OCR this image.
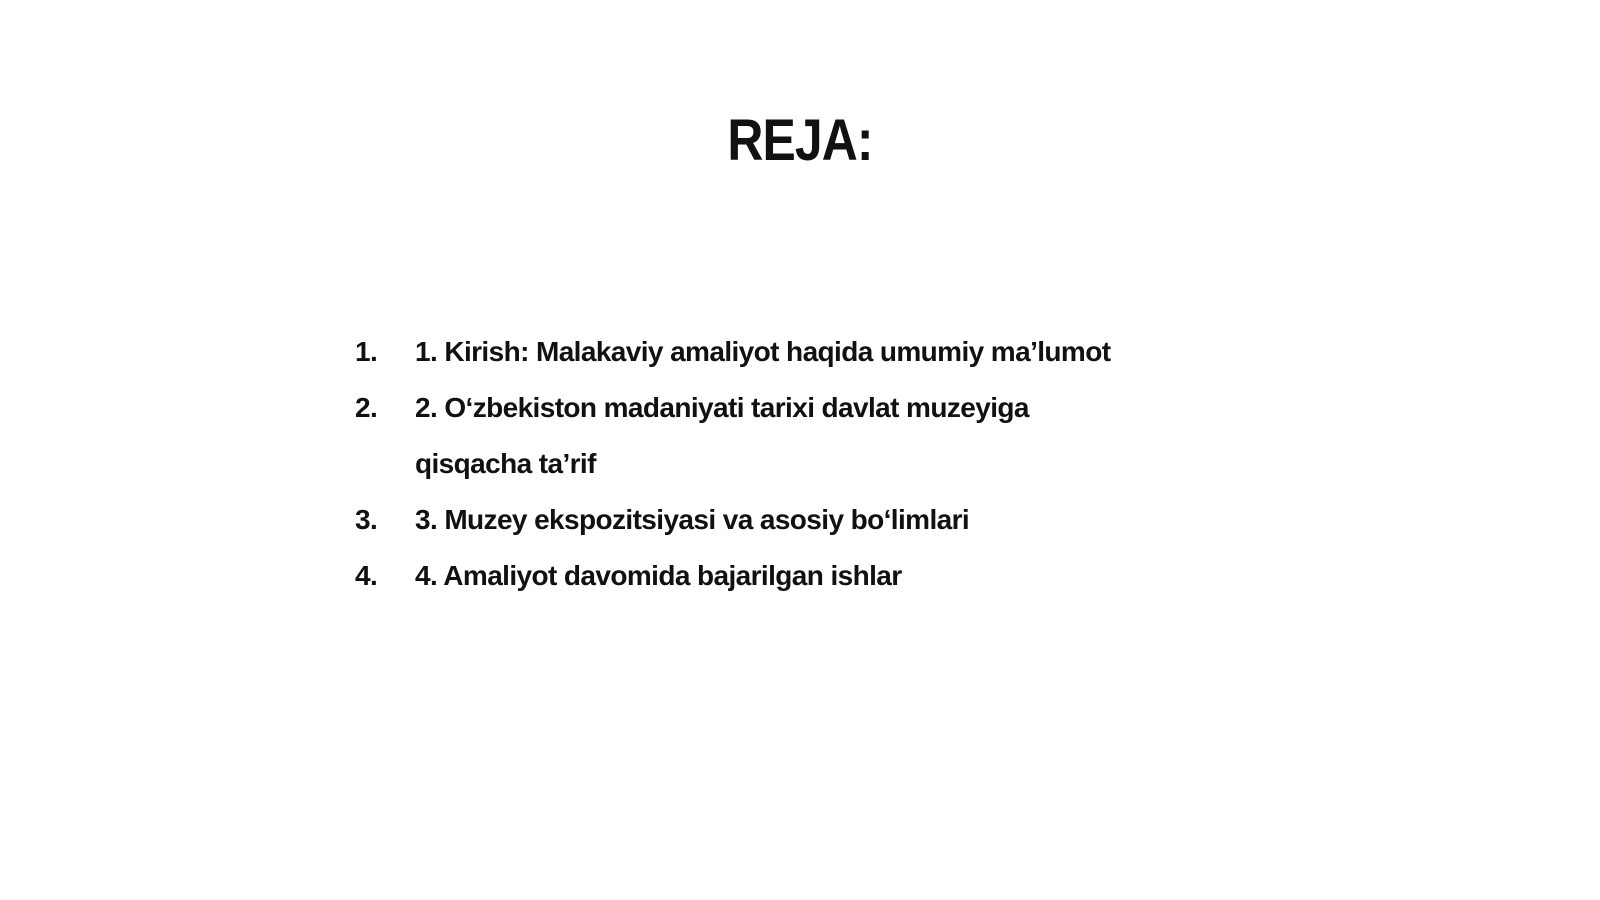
REJA:
1.	1. Kirish: Malakaviy amaliyot haqida umumiy ma’lumot
2.	2. O‘zbekiston madaniyati tarixi davlat muzeyiga qisqacha ta’rif
3.	3. Muzey ekspozitsiyasi va asosiy bo‘limlari
4.	4. Amaliyot davomida bajarilgan ishlar
